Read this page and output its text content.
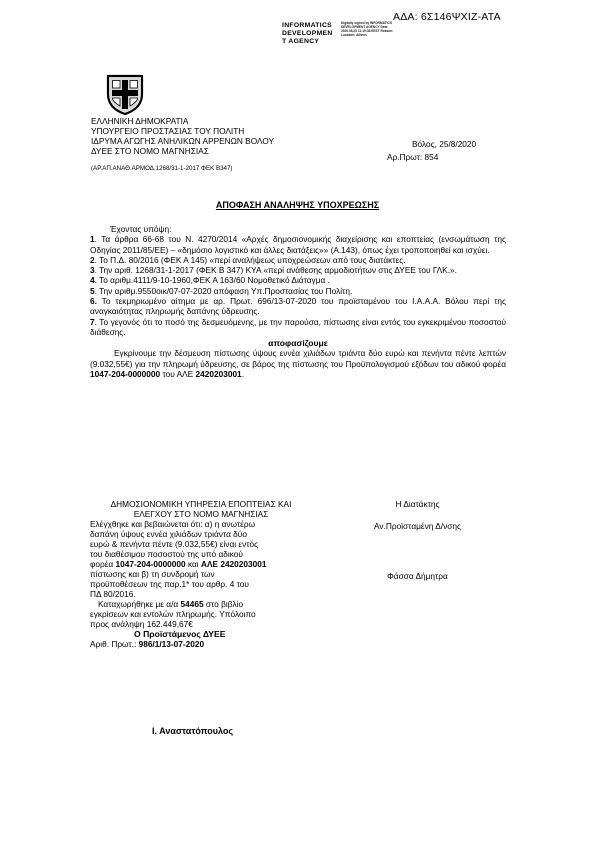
ΑΔΑ: 6Σ146ΨΧΙΖ-ΑΤΑ
INFORMATICS
DEVELOPMEN
T AGENCY
Digitally signed by INFORMATICS DEVELOPMENT AGENCY Date: 2020.08.25 11:19:38 EEST Reason: Location: Athens
ΕΛΛΗΝΙΚΗ ΔΗΜΟΚΡΑΤΙΑ
ΥΠΟΥΡΓΕΙΟ ΠΡΟΣΤΑΣΙΑΣ ΤΟΥ ΠΟΛΙΤΗ
ΙΔΡΥΜΑ ΑΓΩΓΗΣ ΑΝΗΛΙΚΩΝ ΑΡΡΕΝΩΝ ΒΟΛΟΥ
ΔΥΕΕ ΣΤΟ ΝΟΜΟ ΜΑΓΝΗΣΙΑΣ
Βόλος, 25/8/2020
Αρ.Πρωτ: 854
(ΑΡ.ΑΠ.ΑΝΑΘ.ΑΡΜΟΔ.1268/31-1-2017 ΦΕΚ Β347)
ΑΠΟΦΑΣΗ ΑΝΑΛΗΨΗΣ ΥΠΟΧΡΕΩΣΗΣ

Έχοντας υπόψη:

1. Τα άρθρα 66-68 του Ν. 4270/2014 «Αρχές δημοσιονομικής διαχείρισης και εποπτείας (ενσωμάτωση της Οδηγίας 2011/85/ΕΕ) – «δημόσιο λογιστικό και άλλες διατάξεις»» (Α.143), όπως έχει τροποποιηθεί και ισχύει.

2. Το Π.Δ. 80/2016 (ΦΕΚ Α 145) «περί αναλήψεως υποχρεώσεων από τους διατάκτες.

3. Την αριθ. 1268/31-1-2017 (ΦΕΚ Β 347) ΚΥΑ «περί ανάθεσης αρμοδιοτήτων στις ΔΥΕΕ του ΓΛΚ.».

4. Το αριθμ.4111/9-10-1960,ΦΕΚ Α 163/60 Νομοθετικό Διάταγμα .

5. Την αριθμ.9550οικ/07-07-2020 απόφαση Υπ.Προστασίας του Πολίτη.

6. Το τεκμηριωμένο αίτημα με αρ. Πρωτ. 696/13-07-2020 του προϊσταμένου του Ι.Α.Α.Α. Βόλου περί της αναγκαιότητας πληρωμής δαπάνης ύδρευσης.

7. Το γεγονός ότι το ποσό της δεσμευόμενης, με την παρούσα, πίστωσης είναι εντός του εγκεκριμένου ποσοστού διάθεσης.

αποφασίζουμε

Εγκρίνουμε την δέσμευση πίστωσης ύψους εννέα χιλιάδων τριάντα δύο ευρώ και πενήντα πέντε λεπτών (9.032,55€) για την πληρωμή ύδρευσης, σε βάρος της πίστωσης του Προϋπολογισμού εξόδων του αδικού φορέα 1047-204-0000000 του ΑΛΕ 2420203001.

ΔΗΜΟΣΙΟΝΟΜΙΚΗ ΥΠΗΡΕΣΙΑ ΕΠΟΠΤΕΙΑΣ ΚΑΙ
ΕΛΕΓΧΟΥ ΣΤΟ ΝΟΜΟ ΜΑΓΝΗΣΙΑΣ
Ελέγχθηκε και βεβαιώνεται ότι: α) η ανωτέρω
δαπάνη ύψους εννέα χιλιάδων τριάντα δύο
ευρώ & πενήντα πέντε (9.032,55€) είναι εντός
του διαθέσιμου ποσοστού της υπό αδικού
φορέα 1047-204-0000000 και ΑΛΕ 2420203001
πίστωσης και β) τη συνδρομή των
προϋποθέσεων της παρ.1* του αρθρ. 4 του
ΠΔ 80/2016.
Καταχωρήθηκε με α/α 54465 στο βιβλίο
εγκρίσεων και εντολών πληρωμής. Υπόλοιπο
προς ανάληψη 162.449,67€
Ο Προϊστάμενος ΔΥΕΕ
Αριθ. Πρωτ.: 986/1/13-07-2020
Η Διατάκτης
Αν.Προϊσταμένη Δ/νσης
Φάσσα Δήμητρα
Ι. Αναστατόπουλος
